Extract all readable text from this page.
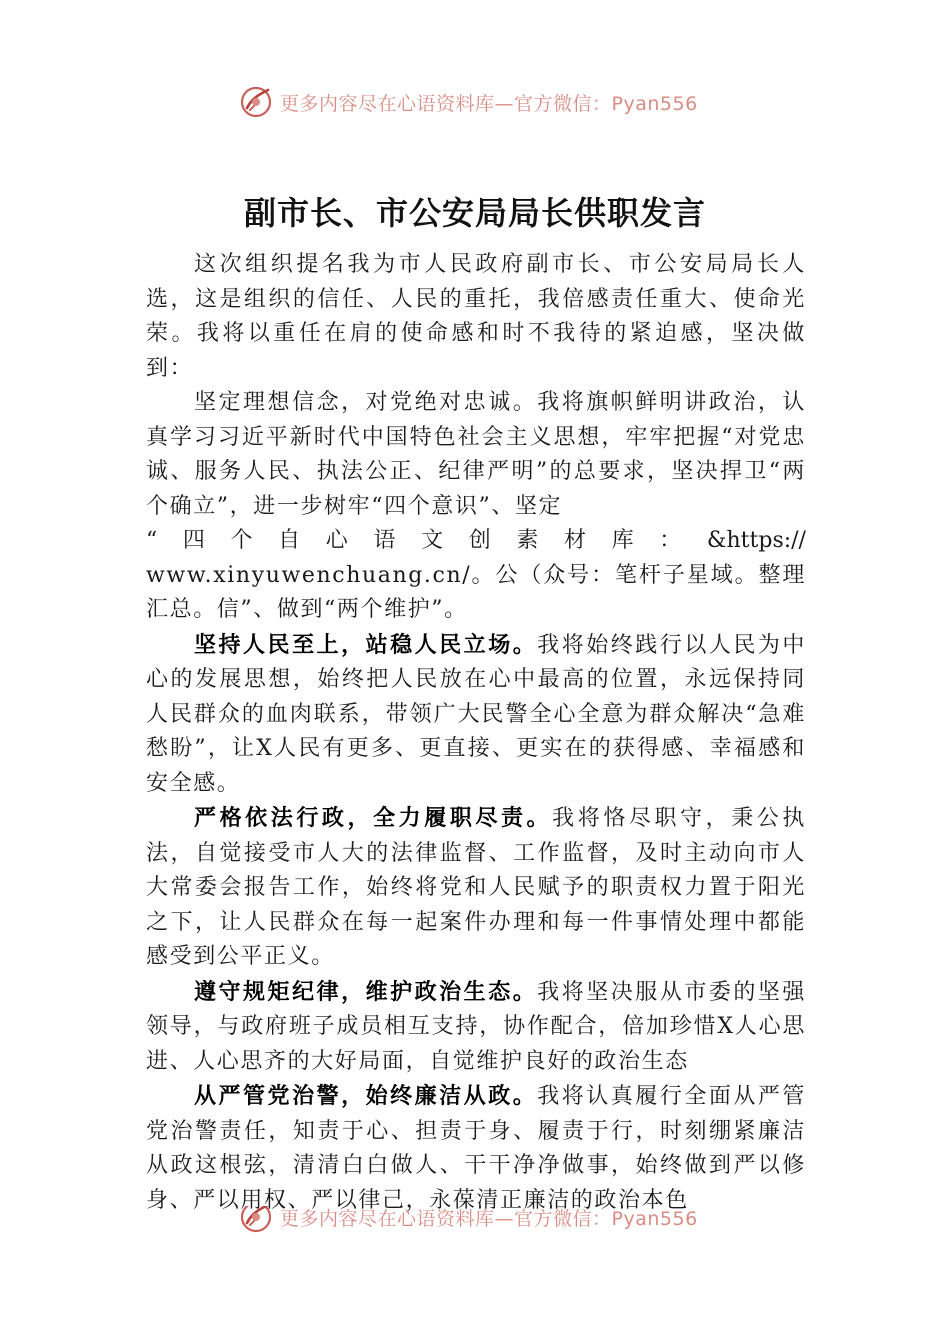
更多内容尽在心语资料库—官方微信：Pyan556
副市长、市公安局局长供职发言

这次组织提名我为市人民政府副市长、市公安局局长人选，这是组织的信任、人民的重托，我倍感责任重大、使命光荣。我将以重任在肩的使命感和时不我待的紧迫感，坚决做到：

坚定理想信念，对党绝对忠诚。我将旗帜鲜明讲政治，认真学习习近平新时代中国特色社会主义思想，牢牢把握“对党忠诚、服务人民、执法公正、纪律严明”的总要求，坚决捍卫“两个确立”，进一步树牢“四个意识”、坚定

“ 四 个 自 心 语 文 创 素 材 库 ： &https://

www.xinyuwenchuang.cn/。公（众号：笔杆子星域。整理汇总。信”、做到“两个维护”。

坚持人民至上，站稳人民立场。我将始终践行以人民为中心的发展思想，始终把人民放在心中最高的位置，永远保持同人民群众的血肉联系，带领广大民警全心全意为群众解决“急难愁盼”，让X人民有更多、更直接、更实在的获得感、幸福感和安全感。

严格依法行政，全力履职尽责。我将恪尽职守，秉公执法，自觉接受市人大的法律监督、工作监督，及时主动向市人大常委会报告工作，始终将党和人民赋予的职责权力置于阳光之下，让人民群众在每一起案件办理和每一件事情处理中都能感受到公平正义。

遵守规矩纪律，维护政治生态。我将坚决服从市委的坚强领导，与政府班子成员相互支持，协作配合，倍加珍惜X人心思进、人心思齐的大好局面，自觉维护良好的政治生态

从严管党治警，始终廉洁从政。我将认真履行全面从严管党治警责任，知责于心、担责于身、履责于行，时刻绷紧廉洁从政这根弦，清清白白做人、干干净净做事，始终做到严以修身、严以用权、严以律己，永葆清正廉洁的政治本色

更多内容尽在心语资料库—官方微信：Pyan556
